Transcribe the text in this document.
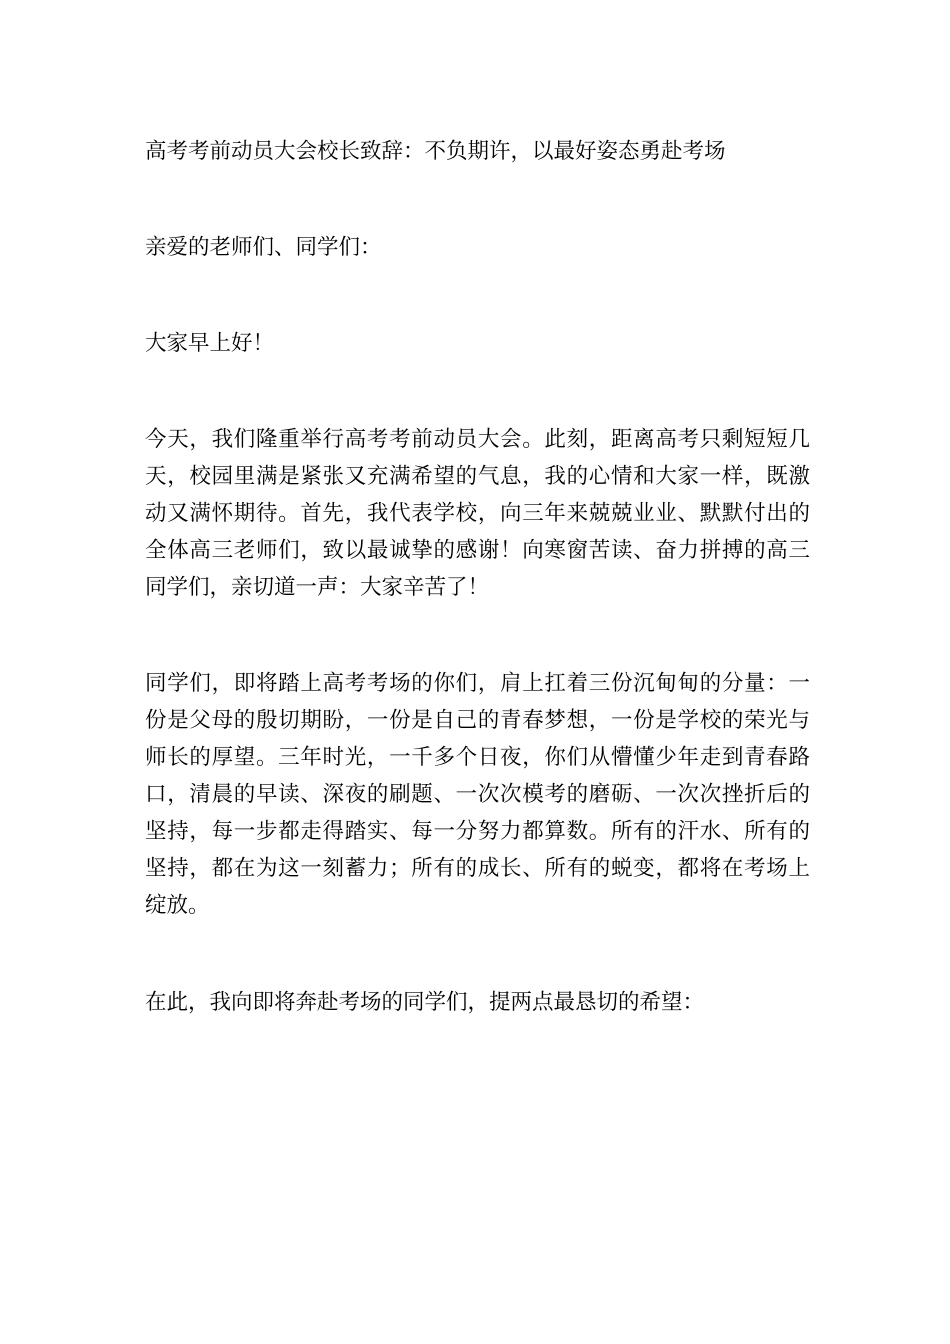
高考考前动员大会校长致辞：不负期许，以最好姿态勇赴考场

亲爱的老师们、同学们：

大家早上好！

今天，我们隆重举行高考考前动员大会。此刻，距离高考只剩短短几天，校园里满是紧张又充满希望的气息，我的心情和大家一样，既激动又满怀期待。首先，我代表学校，向三年来兢兢业业、默默付出的全体高三老师们，致以最诚挚的感谢！向寒窗苦读、奋力拼搏的高三同学们，亲切道一声：大家辛苦了！

同学们，即将踏上高考考场的你们，肩上扛着三份沉甸甸的分量：一份是父母的殷切期盼，一份是自己的青春梦想，一份是学校的荣光与师长的厚望。三年时光，一千多个日夜，你们从懵懂少年走到青春路口，清晨的早读、深夜的刷题、一次次模考的磨砺、一次次挫折后的坚持，每一步都走得踏实、每一分努力都算数。所有的汗水、所有的坚持，都在为这一刻蓄力；所有的成长、所有的蜕变，都将在考场上绽放。

在此，我向即将奔赴考场的同学们，提两点最恳切的希望：
